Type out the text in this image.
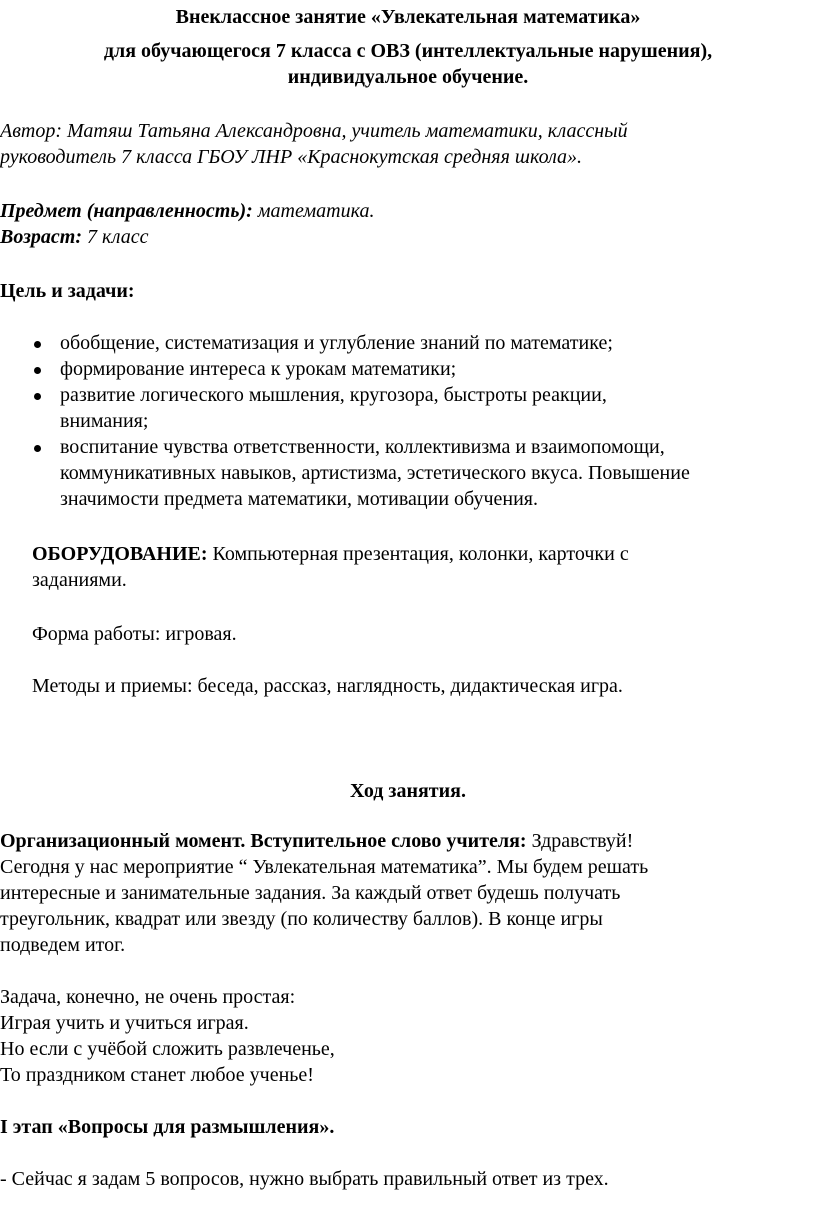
Внеклассное занятие «Увлекательная математика»
для обучающегося 7 класса с ОВЗ (интеллектуальные нарушения),
индивидуальное обучение.
Автор: Матяш Татьяна Александровна, учитель математики, классный
руководитель 7 класса ГБОУ ЛНР «Краснокутская средняя школа».
Предмет (направленность): математика.
Возраст: 7 класс
Цель и задачи:
обобщение, систематизация и углубление знаний по математике;
формирование интереса к урокам математики;
развитие логического мышления, кругозора, быстроты реакции,
внимания;
воспитание чувства ответственности, коллективизма и взаимопомощи,
коммуникативных навыков, артистизма, эстетического вкуса. Повышение
значимости предмета математики, мотивации обучения.
ОБОРУДОВАНИЕ: Компьютерная презентация, колонки, карточки с
заданиями.
Форма работы: игровая.
Методы и приемы: беседа, рассказ, наглядность, дидактическая игра.
Ход занятия.
Организационный момент. Вступительное слово учителя: Здравствуй!
Сегодня у нас мероприятие “ Увлекательная математика”. Мы будем решать
интересные и занимательные задания. За каждый ответ будешь получать
треугольник, квадрат или звезду (по количеству баллов). В конце игры
подведем итог.
Задача, конечно, не очень простая:
Играя учить и учиться играя.
Но если с учёбой сложить развлеченье,
То праздником станет любое ученье!
I этап «Вопросы для размышления».
- Сейчас я задам 5 вопросов, нужно выбрать правильный ответ из трех.
